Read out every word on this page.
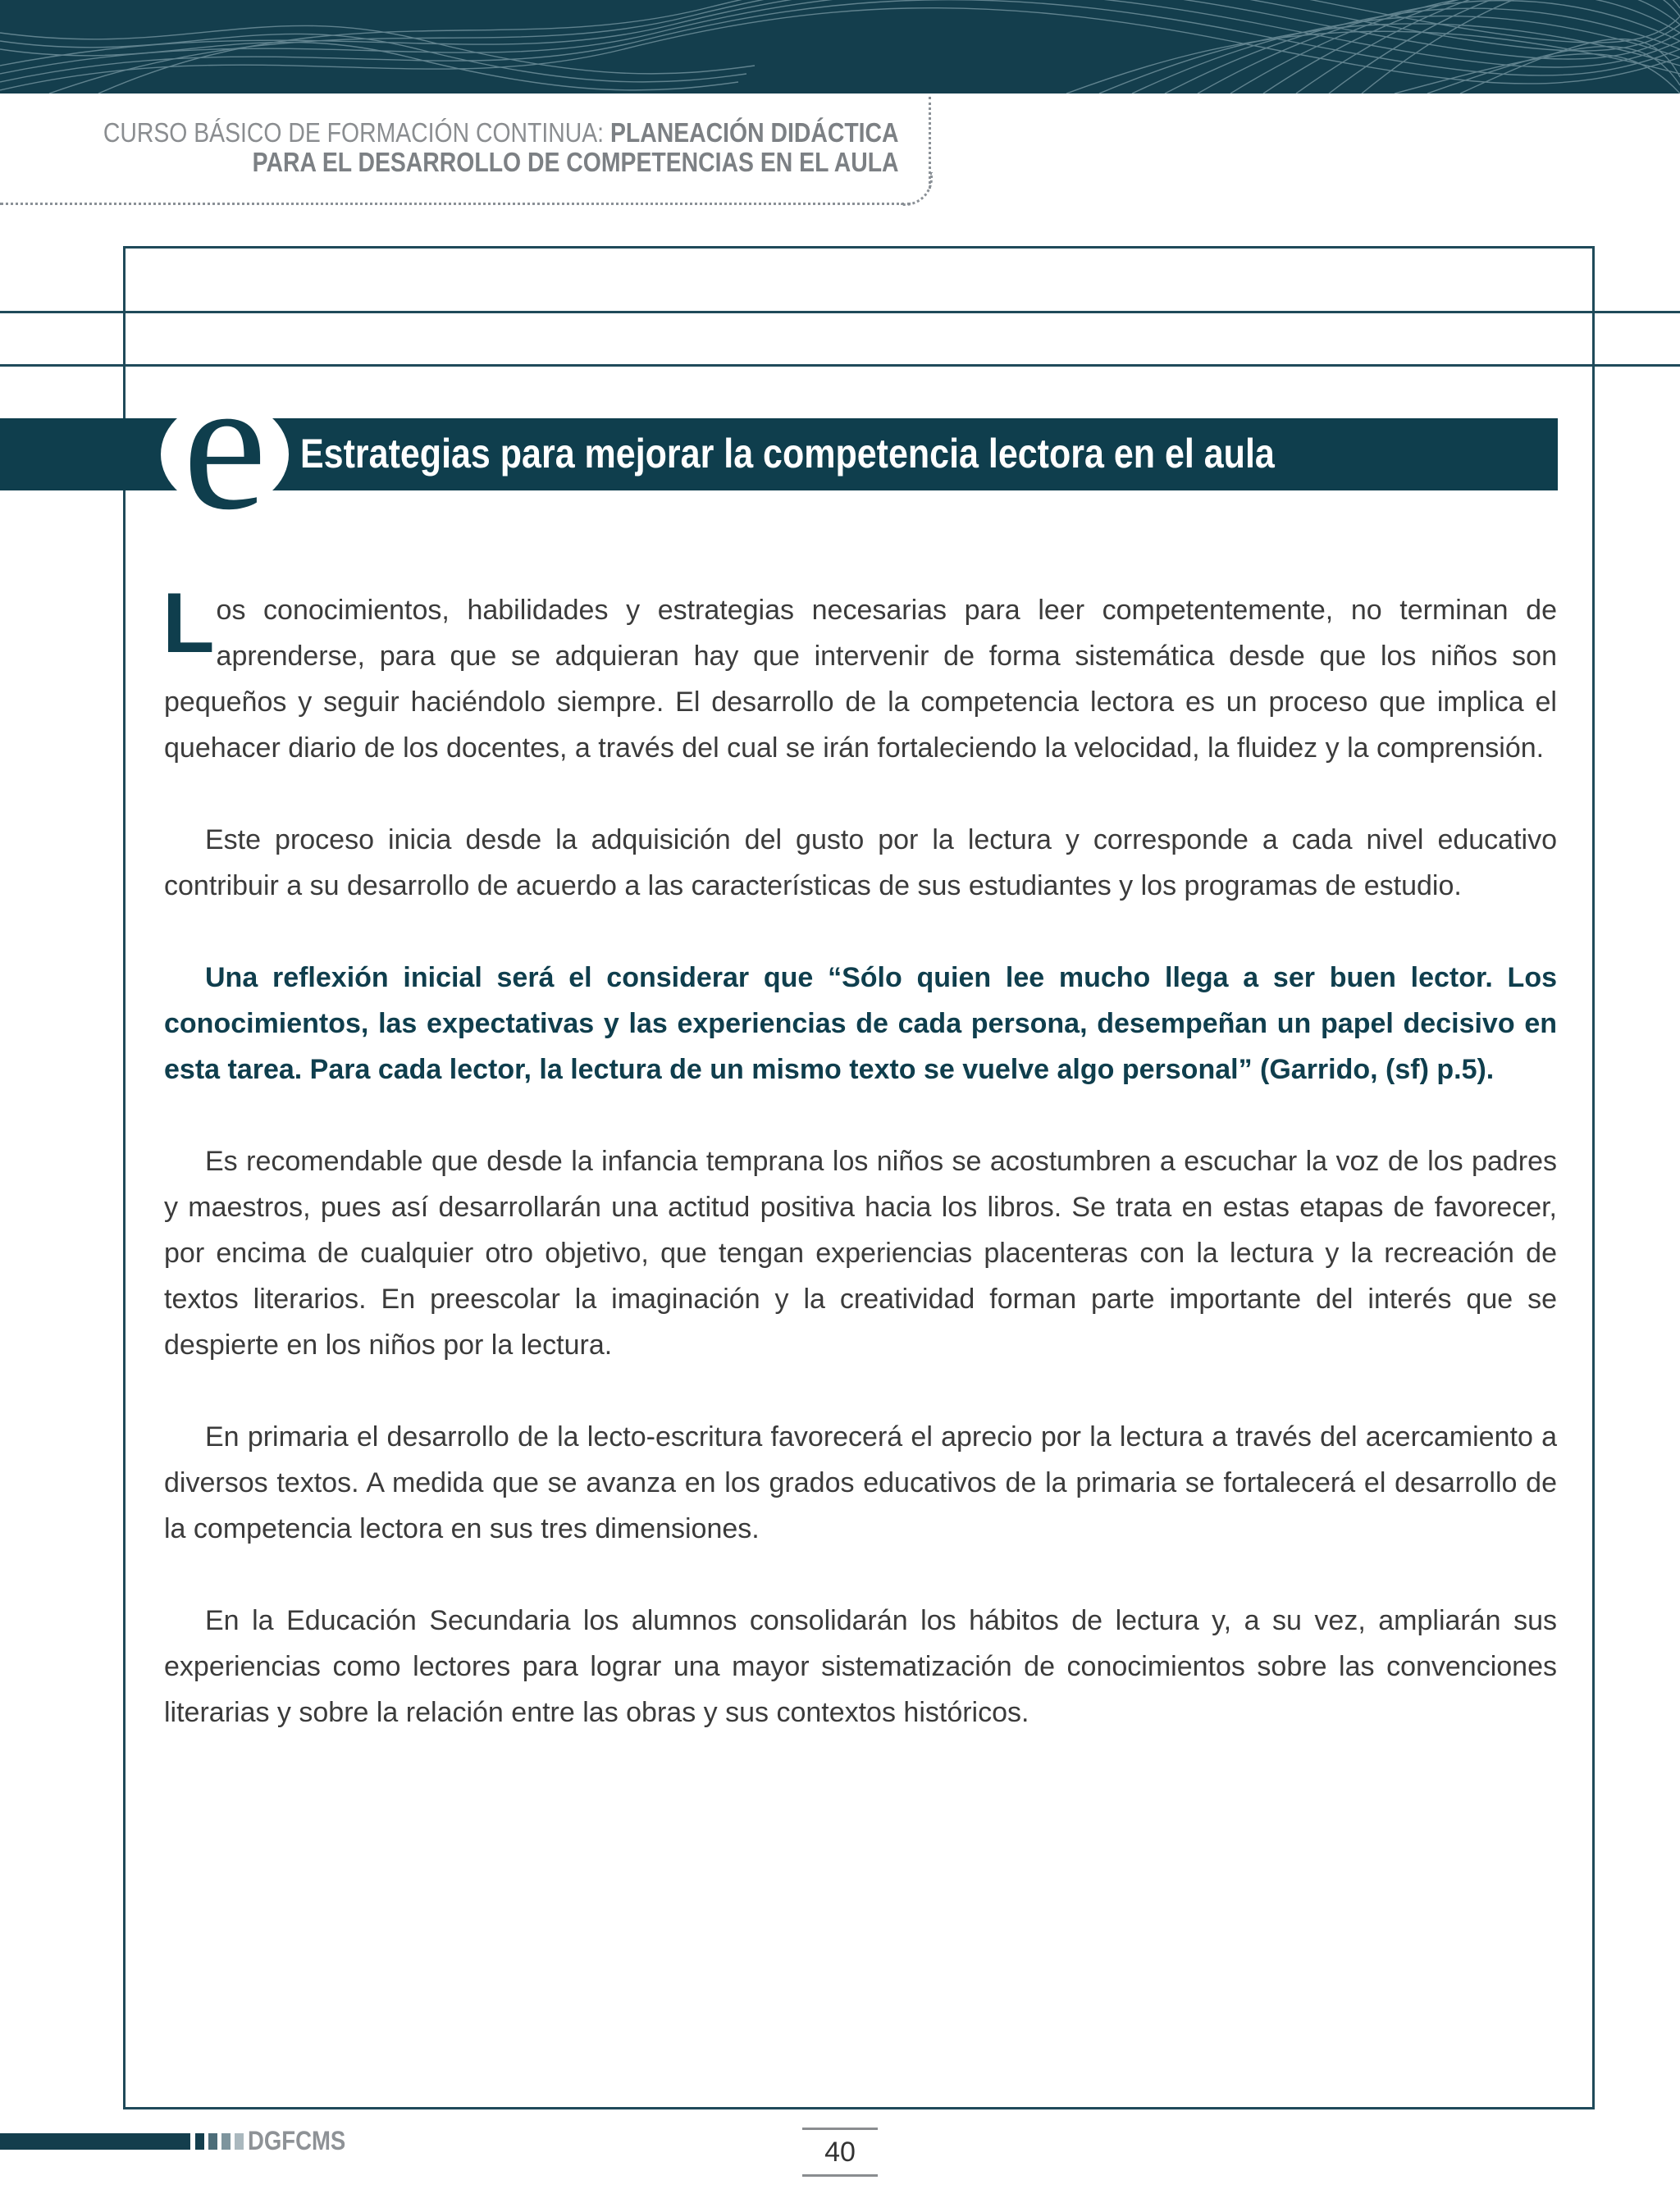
CURSO BÁSICO DE FORMACIÓN CONTINUA: PLANEACIÓN DIDÁCTICA
PARA EL DESARROLLO DE COMPETENCIAS EN EL AULA
e Estrategias para mejorar la competencia lectora en el aula

Los conocimientos, habilidades y estrategias necesarias para leer competentemente, no terminan de aprenderse, para que se adquieran hay que intervenir de forma sistemática desde que los niños son pequeños y seguir haciéndolo siempre. El desarrollo de la competencia lectora es un proceso que implica el quehacer diario de los docentes, a través del cual se irán fortaleciendo la velocidad, la fluidez y la comprensión.

Este proceso inicia desde la adquisición del gusto por la lectura y corresponde a cada nivel educativo contribuir a su desarrollo de acuerdo a las características de sus estudiantes y los programas de estudio.

Una reflexión inicial será el considerar que “Sólo quien lee mucho llega a ser buen lector. Los conocimientos, las expectativas y las experiencias de cada persona, desempeñan un papel decisivo en esta tarea. Para cada lector, la lectura de un mismo texto se vuelve algo personal” (Garrido, (sf) p.5).

Es recomendable que desde la infancia temprana los niños se acostumbren a escuchar la voz de los padres y maestros, pues así desarrollarán una actitud positiva hacia los libros. Se trata en estas etapas de favorecer, por encima de cualquier otro objetivo, que tengan experiencias placenteras con la lectura y la recreación de textos literarios. En preescolar la imaginación y la creatividad forman parte importante del interés que se despierte en los niños por la lectura.

En primaria el desarrollo de la lecto-escritura favorecerá el aprecio por la lectura a través del acercamiento a diversos textos. A medida que se avanza en los grados educativos de la primaria se fortalecerá el desarrollo de la competencia lectora en sus tres dimensiones.

En la Educación Secundaria los alumnos consolidarán los hábitos de lectura y, a su vez, ampliarán sus experiencias como lectores para lograr una mayor sistematización de conocimientos sobre las convenciones literarias y sobre la relación entre las obras y sus contextos históricos.

DGFCMS	40
